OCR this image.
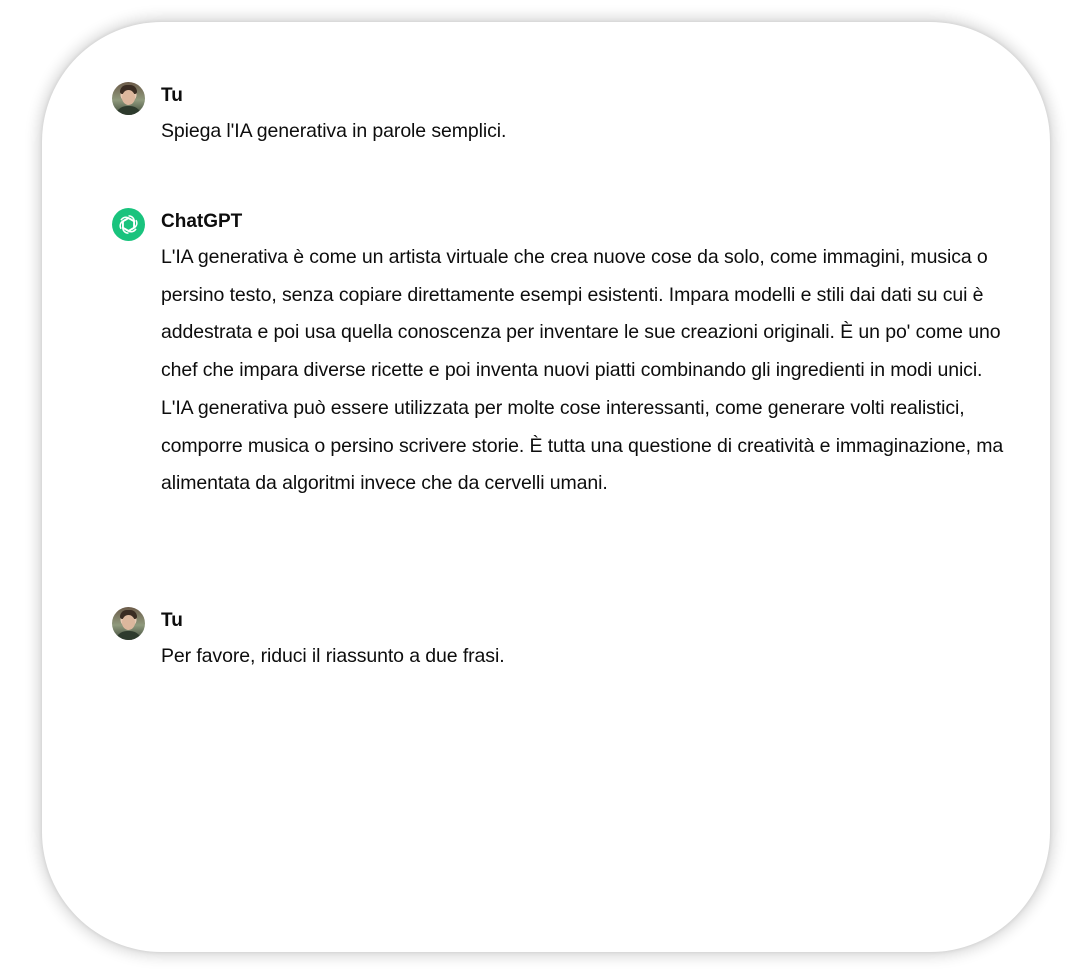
Tu
Spiega l'IA generativa in parole semplici.
ChatGPT
L'IA generativa è come un artista virtuale che crea nuove cose da solo, come immagini, musica o persino testo, senza copiare direttamente esempi esistenti. Impara modelli e stili dai dati su cui è addestrata e poi usa quella conoscenza per inventare le sue creazioni originali. È un po' come uno chef che impara diverse ricette e poi inventa nuovi piatti combinando gli ingredienti in modi unici. L'IA generativa può essere utilizzata per molte cose interessanti, come generare volti realistici, comporre musica o persino scrivere storie. È tutta una questione di creatività e immaginazione, ma alimentata da algoritmi invece che da cervelli umani.
Tu
Per favore, riduci il riassunto a due frasi.
